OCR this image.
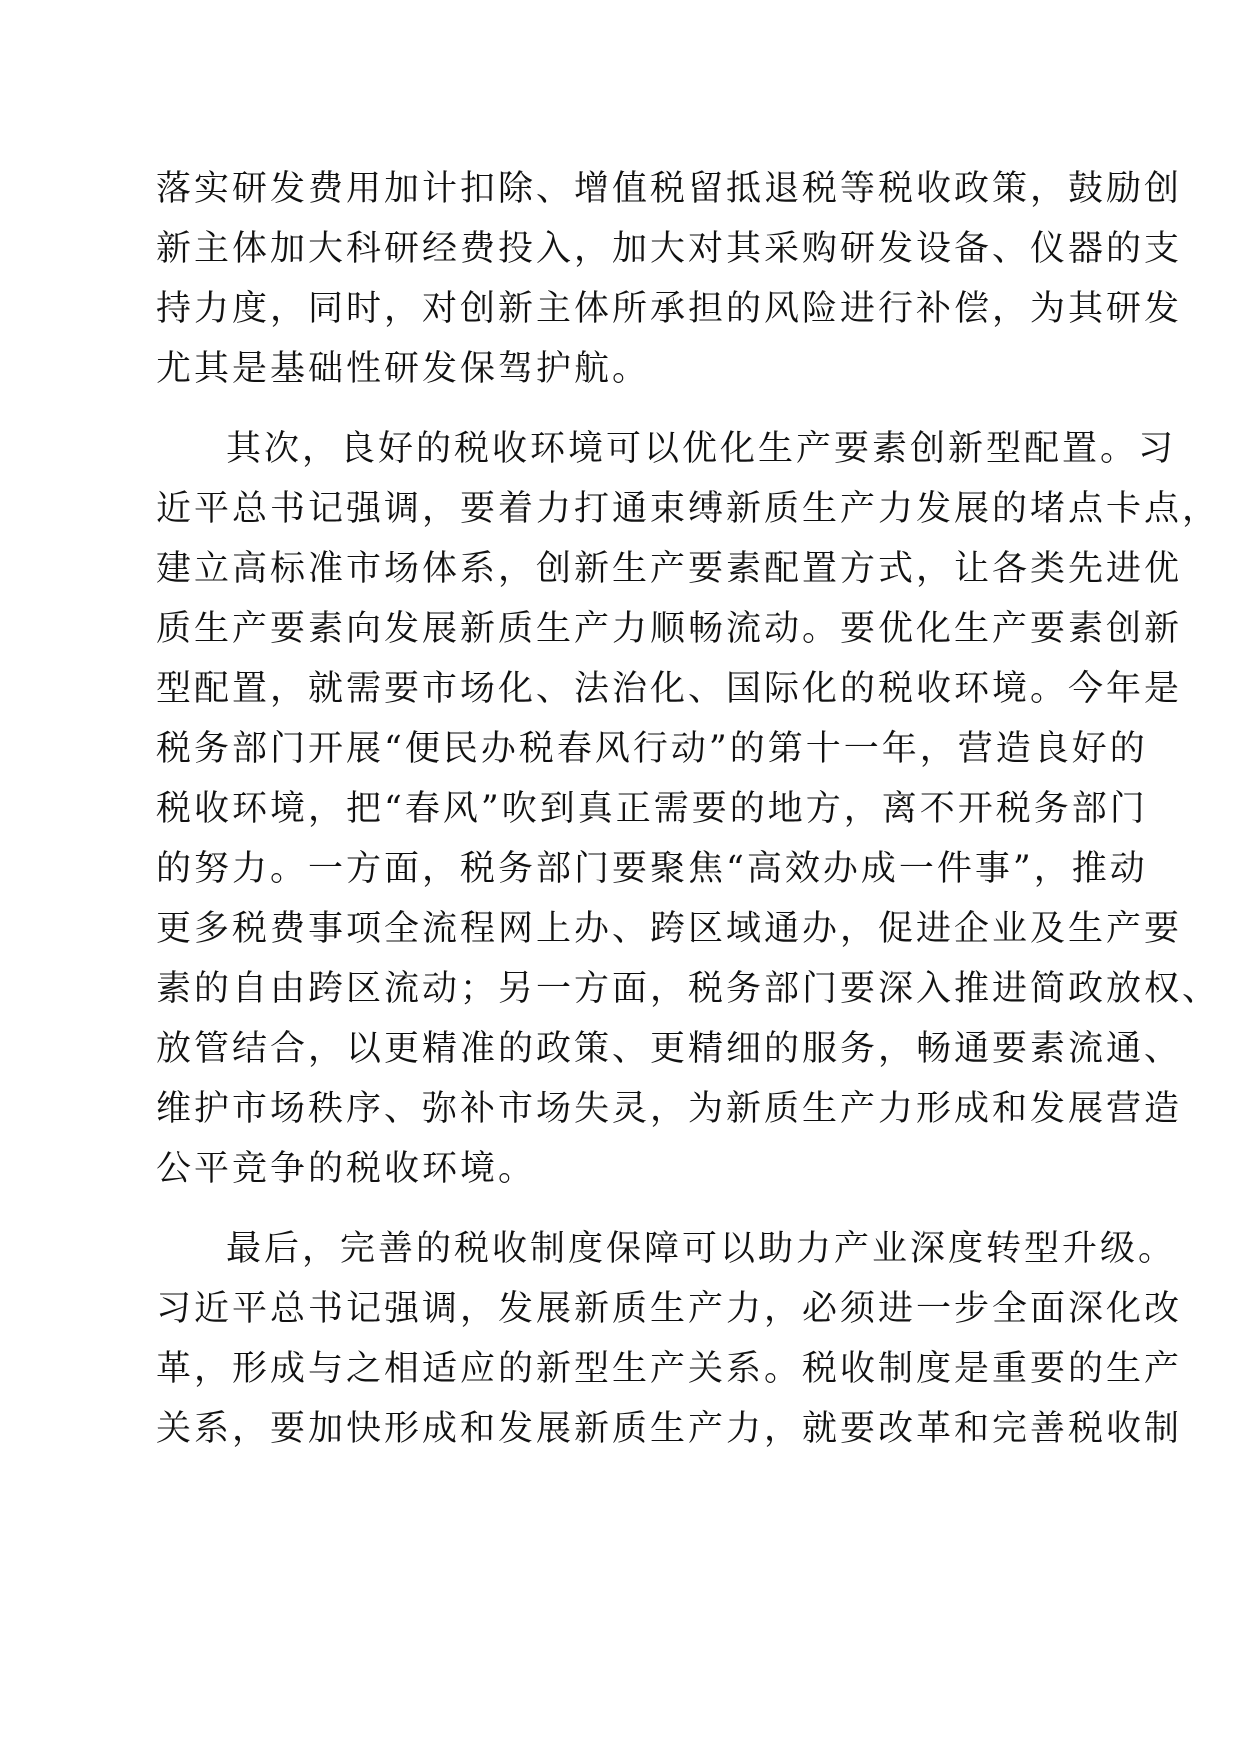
落实研发费用加计扣除、增值税留抵退税等税收政策，鼓励创
新主体加大科研经费投入，加大对其采购研发设备、仪器的支
持力度，同时，对创新主体所承担的风险进行补偿，为其研发
尤其是基础性研发保驾护航。
其次，良好的税收环境可以优化生产要素创新型配置。习
近平总书记强调，要着力打通束缚新质生产力发展的堵点卡点，
建立高标准市场体系，创新生产要素配置方式，让各类先进优
质生产要素向发展新质生产力顺畅流动。要优化生产要素创新
型配置，就需要市场化、法治化、国际化的税收环境。今年是
税务部门开展“便民办税春风行动”的第十一年，营造良好的
税收环境，把“春风”吹到真正需要的地方，离不开税务部门
的努力。一方面，税务部门要聚焦“高效办成一件事”，推动
更多税费事项全流程网上办、跨区域通办，促进企业及生产要
素的自由跨区流动；另一方面，税务部门要深入推进简政放权、
放管结合，以更精准的政策、更精细的服务，畅通要素流通、
维护市场秩序、弥补市场失灵，为新质生产力形成和发展营造
公平竞争的税收环境。
最后，完善的税收制度保障可以助力产业深度转型升级。
习近平总书记强调，发展新质生产力，必须进一步全面深化改
革，形成与之相适应的新型生产关系。税收制度是重要的生产
关系，要加快形成和发展新质生产力，就要改革和完善税收制
